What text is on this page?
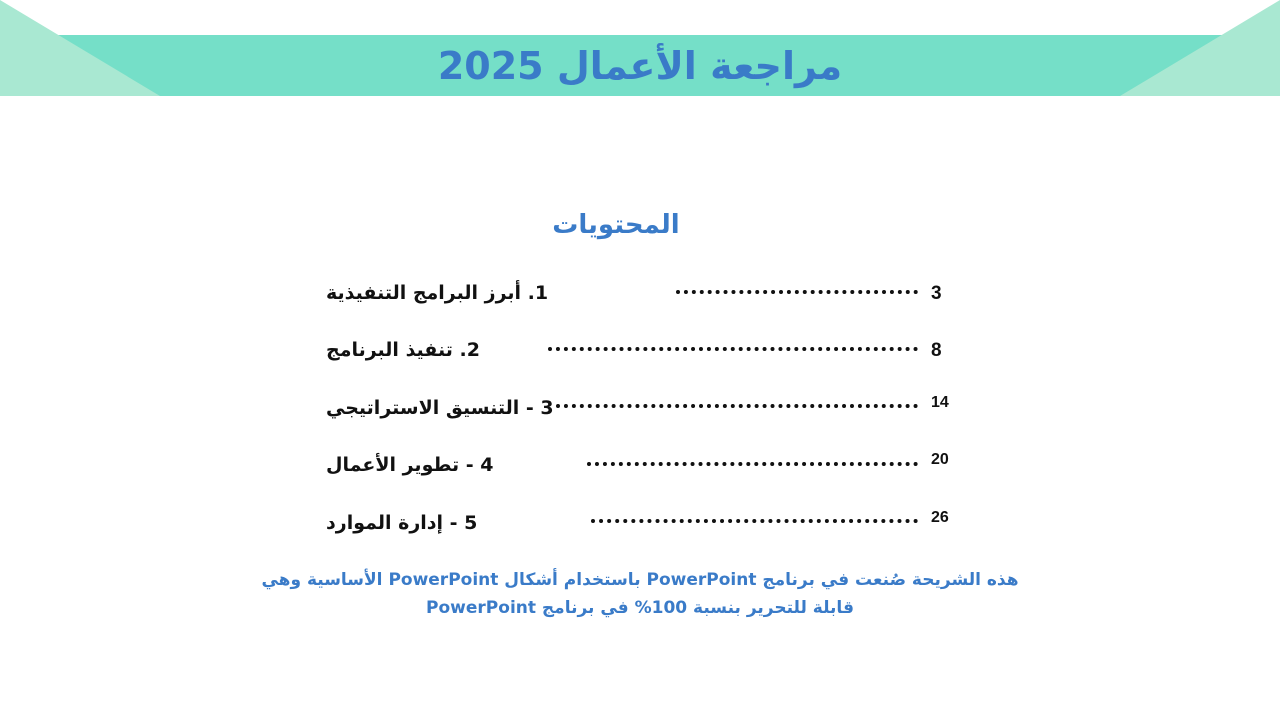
مراجعة الأعمال 2025
المحتويات
1. أبرز البرامج التنفيذية	3
2. تنفيذ البرنامج	8
3 - التنسيق الاستراتيجي	14
4 - تطوير الأعمال	20
5 - إدارة الموارد	26
هذه الشريحة صُنعت في برنامج PowerPoint باستخدام أشكال PowerPoint الأساسية وهي
قابلة للتحرير بنسبة 100% في برنامج PowerPoint
